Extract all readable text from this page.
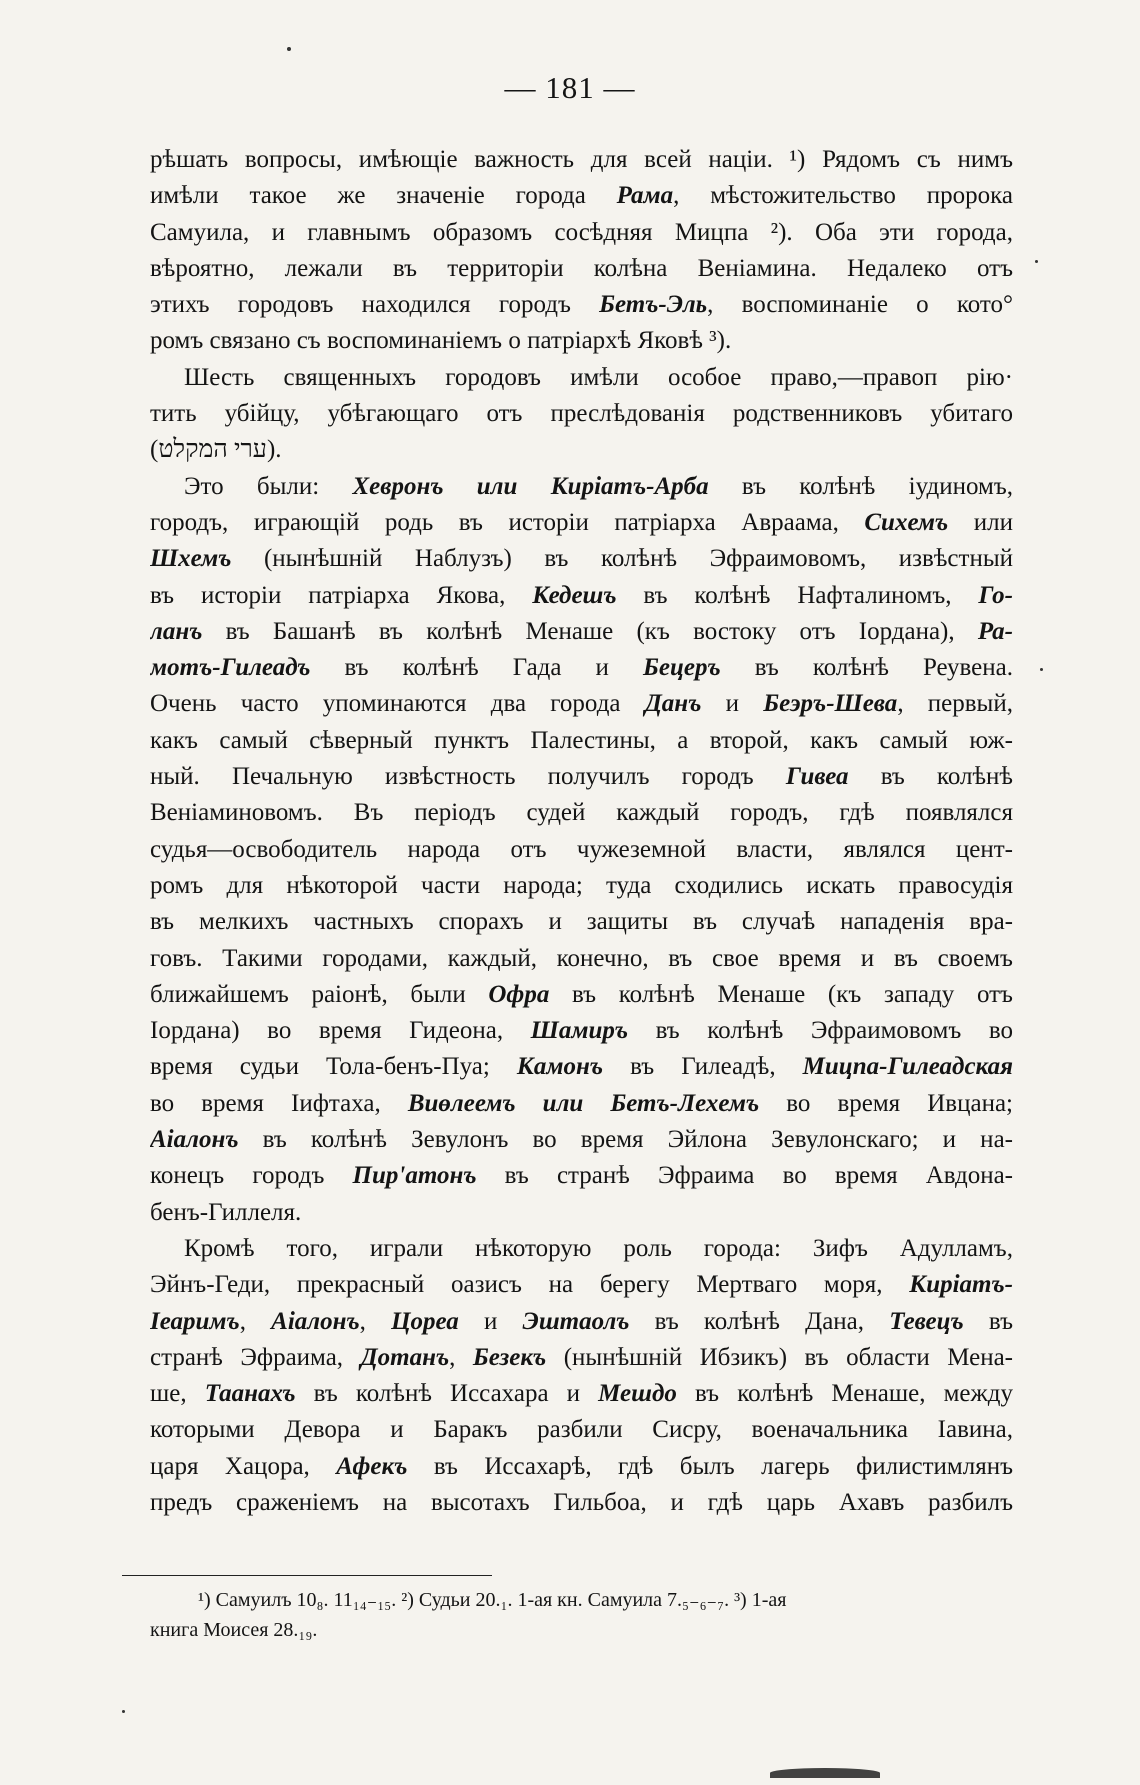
— 181 —
рѣшать вопросы, имѣющіе важность для всей націи. ¹) Рядомъ съ нимъ
имѣли такое же значеніе города Рама, мѣстожительство пророка
Самуила, и главнымъ образомъ сосѣдняя Мицпа ²). Оба эти города,
вѣроятно, лежали въ территоріи колѣна Веніамина. Недалеко отъ
этихъ городовъ находился городъ Бетъ-Эль, воспоминаніе о кото°
ромъ связано съ воспоминаніемъ о патріархѣ Яковѣ ³).
Шесть священныхъ городовъ имѣли особое право,—правоп рію·
тить убійцу, убѣгающаго отъ преслѣдованія родственниковъ убитаго
(ערי המקלט).
Это были: Хевронъ или Киріатъ-Арба въ колѣнѣ іудиномъ,
городъ, играющій родь въ исторіи патріарха Авраама, Сихемъ или
Шхемъ (нынѣшній Наблузъ) въ колѣнѣ Эфраимовомъ, извѣстный
въ исторіи патріарха Якова, Кедешъ въ колѣнѣ Нафталиномъ, Го-
ланъ въ Башанѣ въ колѣнѣ Менаше (къ востоку отъ Іордана), Ра-
мотъ-Гилеадъ въ колѣнѣ Гада и Бецеръ въ колѣнѣ Реувена.
Очень часто упоминаются два города Данъ и Беэръ-Шева, первый,
какъ самый сѣверный пунктъ Палестины, а второй, какъ самый юж-
ный. Печальную извѣстность получилъ городъ Гивеа въ колѣнѣ
Веніаминовомъ. Въ періодъ судей каждый городъ, гдѣ появлялся
судья—освободитель народа отъ чужеземной власти, являлся цент-
ромъ для нѣкоторой части народа; туда сходились искать правосудія
въ мелкихъ частныхъ спорахъ и защиты въ случаѣ нападенія вра-
говъ. Такими городами, каждый, конечно, въ свое время и въ своемъ
ближайшемъ раіонѣ, были Офра въ колѣнѣ Менаше (къ западу отъ
Іордана) во время Гидеона, Шамиръ въ колѣнѣ Эфраимовомъ во
время судьи Тола-бенъ-Пуа; Камонъ въ Гилеадѣ, Мицпа-Гилеадская
во время Іифтаха, Виөлеемъ или Бетъ-Лехемъ во время Ивцана;
Аіалонъ въ колѣнѣ Зевулонъ во время Эйлона Зевулонскаго; и на-
конецъ городъ Пир'атонъ въ странѣ Эфраима во время Авдона-
бенъ-Гиллеля.
Кромѣ того, играли нѣкоторую роль города: Зифъ Адулламъ,
Эйнъ-Геди, прекрасный оазисъ на берегу Мертваго моря, Киріатъ-
Іеаримъ, Аіалонъ, Цореа и Эштаолъ въ колѣнѣ Дана, Тевецъ въ
странѣ Эфраима, Дотанъ, Безекъ (нынѣшній Ибзикъ) въ области Мена-
ше, Таанахъ въ колѣнѣ Иссахара и Мешдо въ колѣнѣ Менаше, между
которыми Девора и Баракъ разбили Сисру, военачальника Іавина,
царя Хацора, Афекъ въ Иссахарѣ, гдѣ былъ лагерь филистимлянъ
предъ сраженіемъ на высотахъ Гильбоа, и гдѣ царь Ахавъ разбилъ
¹) Самуилъ 10₈. 11₁₄₋₁₅. ²) Судьи 20.₁. 1-ая кн. Самуила 7.₅₋₆₋₇. ³) 1-ая
книга Моисея 28.₁₉.
